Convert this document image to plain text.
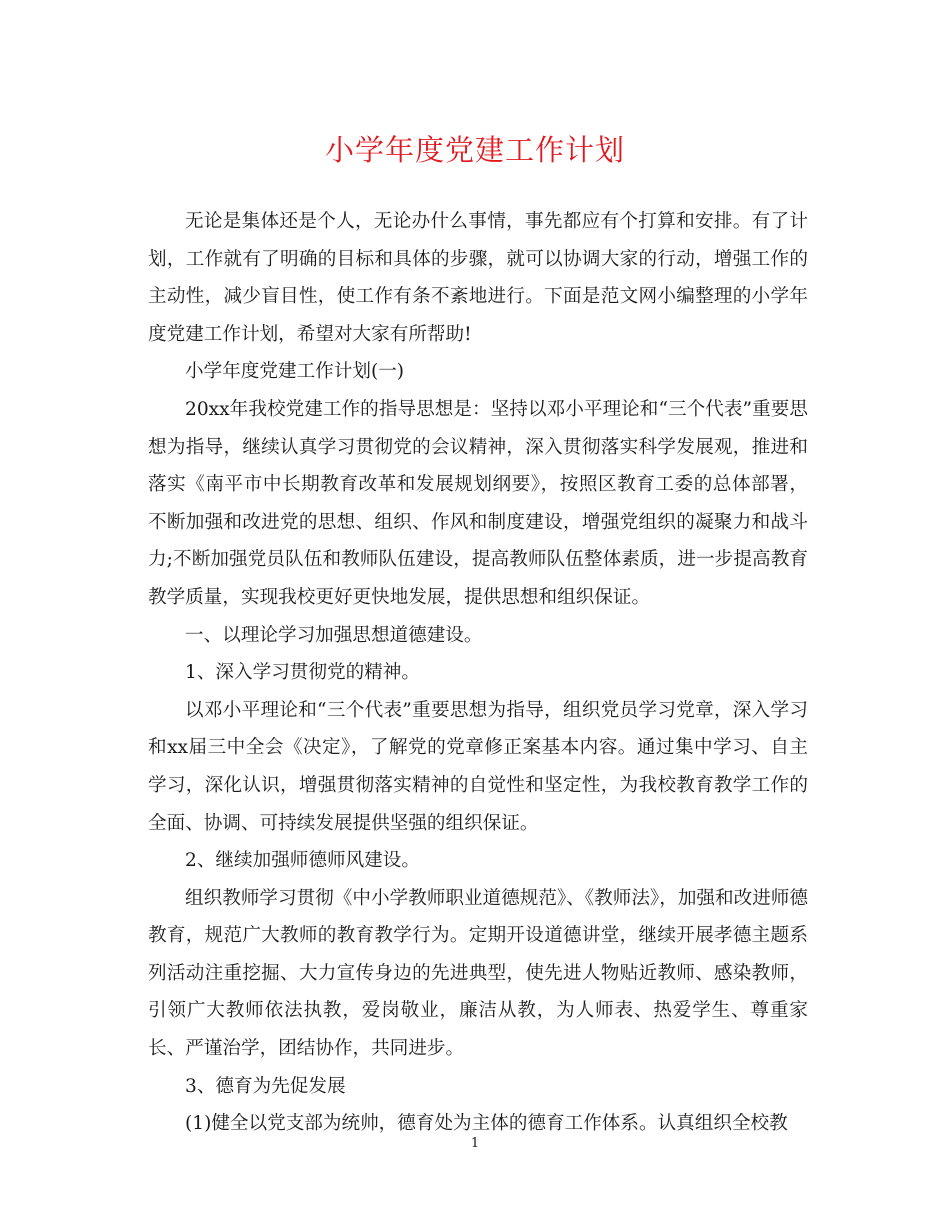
小学年度党建工作计划

无论是集体还是个人，无论办什么事情，事先都应有个打算和安排。有了计划，工作就有了明确的目标和具体的步骤，就可以协调大家的行动，增强工作的主动性，减少盲目性，使工作有条不紊地进行。下面是范文网小编整理的小学年度党建工作计划，希望对大家有所帮助!

小学年度党建工作计划(一)

20xx年我校党建工作的指导思想是：坚持以邓小平理论和“三个代表”重要思想为指导，继续认真学习贯彻党的会议精神，深入贯彻落实科学发展观，推进和落实《南平市中长期教育改革和发展规划纲要》，按照区教育工委的总体部署，不断加强和改进党的思想、组织、作风和制度建设，增强党组织的凝聚力和战斗力;不断加强党员队伍和教师队伍建设，提高教师队伍整体素质，进一步提高教育教学质量，实现我校更好更快地发展，提供思想和组织保证。

一、以理论学习加强思想道德建设。

1、深入学习贯彻党的精神。

以邓小平理论和“三个代表”重要思想为指导，组织党员学习党章，深入学习和xx届三中全会《决定》，了解党的党章修正案基本内容。通过集中学习、自主学习，深化认识，增强贯彻落实精神的自觉性和坚定性，为我校教育教学工作的全面、协调、可持续发展提供坚强的组织保证。

2、继续加强师德师风建设。

组织教师学习贯彻《中小学教师职业道德规范》、《教师法》，加强和改进师德教育，规范广大教师的教育教学行为。定期开设道德讲堂，继续开展孝德主题系列活动注重挖掘、大力宣传身边的先进典型，使先进人物贴近教师、感染教师，引领广大教师依法执教，爱岗敬业，廉洁从教，为人师表、热爱学生、尊重家长、严谨治学，团结协作，共同进步。

3、德育为先促发展

(1)健全以党支部为统帅，德育处为主体的德育工作体系。认真组织全校教

1
